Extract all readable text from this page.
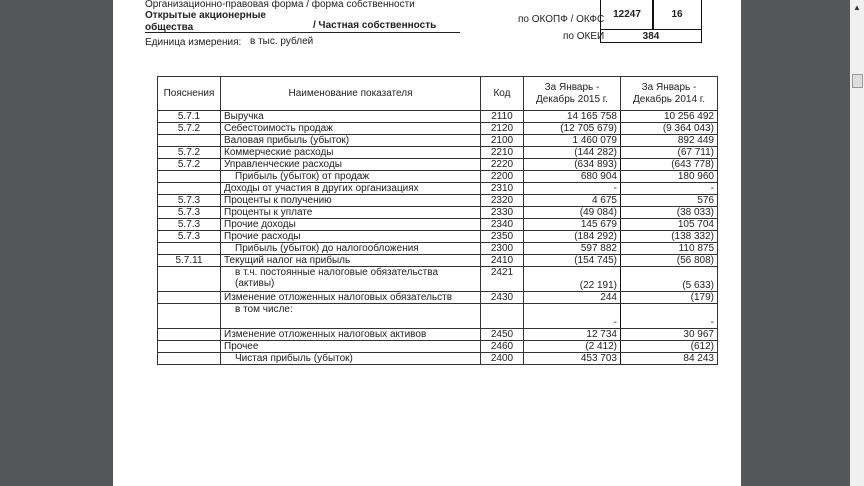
Организационно-правовая форма / форма собственности
Открытые акционерные
общества	/ Частная собственность
Единица измерения: в тыс. рублей
по ОКОПФ / ОКФС
по ОКЕИ
12247	16
384
Пояснения	Наименование показателя	Код	За Январь - Декабрь 2015 г.	За Январь - Декабрь 2014 г.
5.7.1	Выручка	2110	14 165 758	10 256 492
5.7.2	Себестоимость продаж	2120	(12 705 679)	(9 364 043)
	Валовая прибыль (убыток)	2100	1 460 079	892 449
5.7.2	Коммерческие расходы	2210	(144 282)	(67 711)
5.7.2	Управленческие расходы	2220	(634 893)	(643 778)
	Прибыль (убыток) от продаж	2200	680 904	180 960
	Доходы от участия в других организациях	2310	-	-
5.7.3	Проценты к получению	2320	4 675	576
5.7.3	Проценты к уплате	2330	(49 084)	(38 033)
5.7.3	Прочие доходы	2340	145 679	105 704
5.7.3	Прочие расходы	2350	(184 292)	(138 332)
	Прибыль (убыток) до налогообложения	2300	597 882	110 875
5.7.11	Текущий налог на прибыль	2410	(154 745)	(56 808)
	в т.ч. постоянные налоговые обязательства (активы)	2421	(22 191)	(5 633)
	Изменение отложенных налоговых обязательств	2430	244	(179)
	в том числе:		-	-
	Изменение отложенных налоговых активов	2450	12 734	30 967
	Прочее	2460	(2 412)	(612)
	Чистая прибыль (убыток)	2400	453 703	84 243
▲
